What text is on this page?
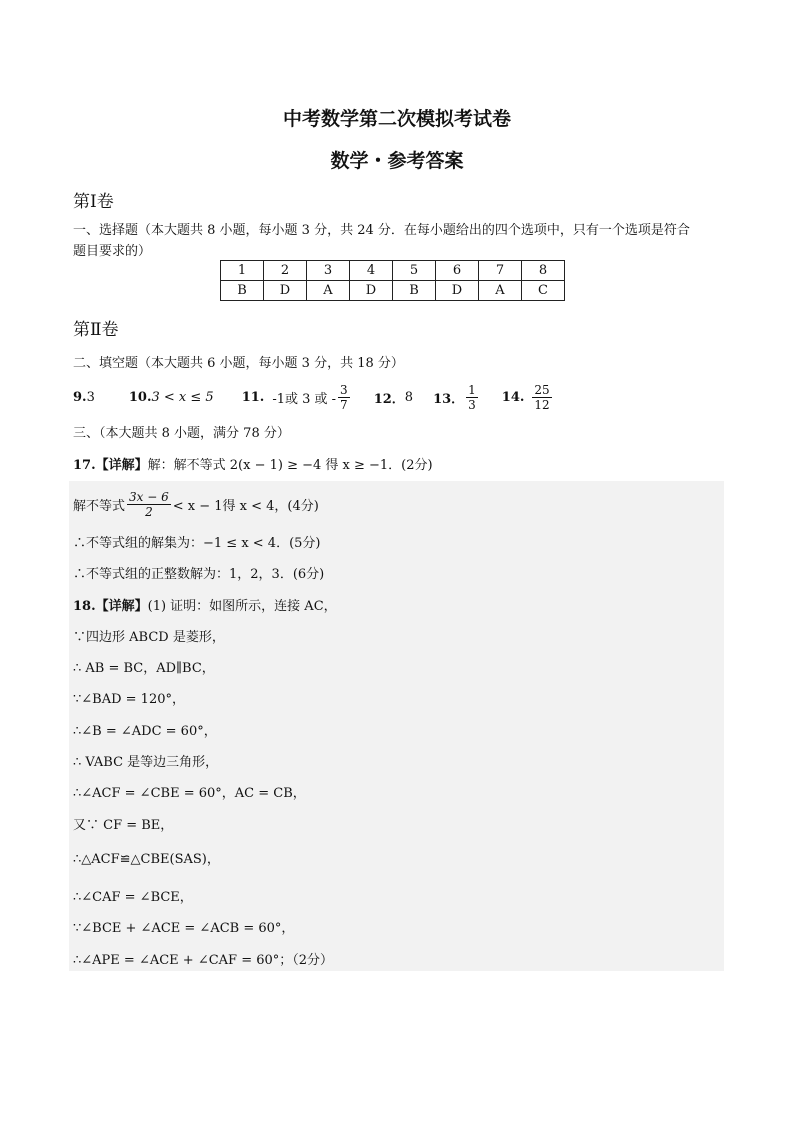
中考数学第二次模拟考试卷
数学・参考答案
第Ⅰ卷
一、选择题（本大题共 8 小题，每小题 3 分，共 24 分．在每小题给出的四个选项中，只有一个选项是符合
题目要求的）
1	2	3	4	5	6	7	8
B	D	A	D	B	D	A	C
第Ⅱ卷
二、填空题（本大题共 6 小题，每小题 3 分，共 18 分）
9. 3	10. 3 < x ≤ 5 11. -1或 3 或 - $\frac{3}{7} 12$． 8 13． $\frac{1}{3} 14$. $\frac{25}{12}$
三、（本大题共 8 小题，满分 78 分）
17.【详解】解：解不等式 2(x − 1) ≥ −4 得 x ≥ −1．(2分)
解不等式 $\frac{3x - 6}{2} < x - 1$得 x < 4，(4分)
∴不等式组的解集为：−1 ≤ x < 4．(5分)
∴不等式组的正整数解为：1，2，3．(6分)
18.【详解】(1) 证明：如图所示，连接 AC，
∵四边形 ABCD 是菱形，
∴ AB = BC，AD∥BC，
∵∠BAD = 120°，
∴∠B = ∠ADC = 60°，
∴ VABC 是等边三角形，
∴∠ACF = ∠CBE = 60°，AC = CB，
又∵ CF = BE，
∴△ACF≌△CBE(SAS)，
∴∠CAF = ∠BCE，
∵∠BCE + ∠ACE = ∠ACB = 60°，
∴∠APE = ∠ACE + ∠CAF = 60°；（2分）
